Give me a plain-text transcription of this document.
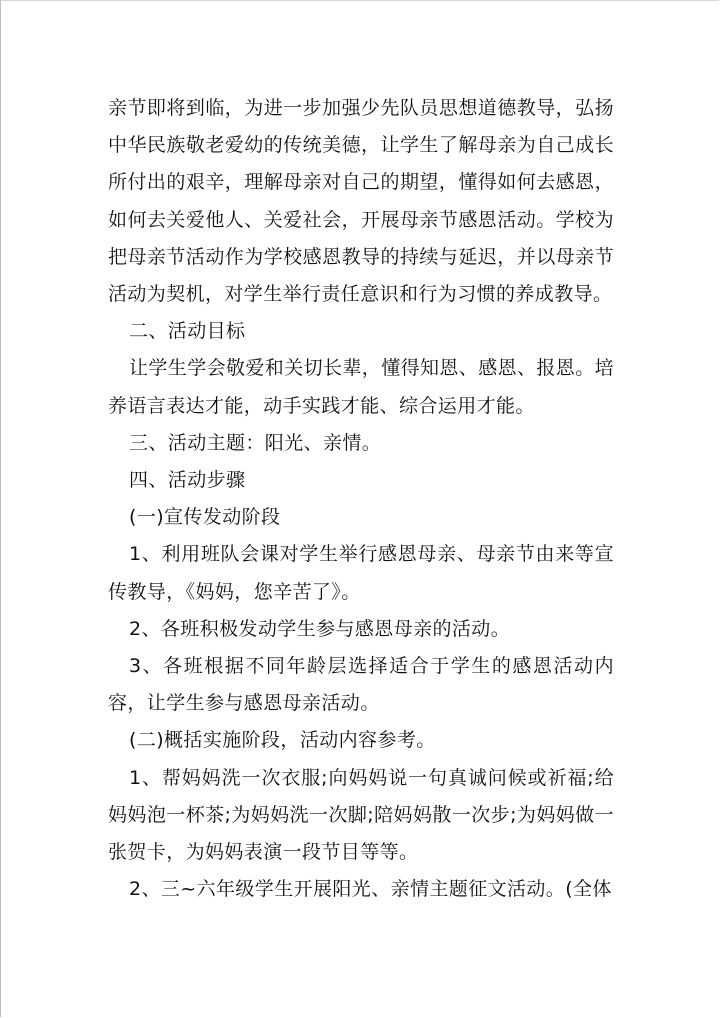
亲节即将到临，为进一步加强少先队员思想道德教导，弘扬中华民族敬老爱幼的传统美德，让学生了解母亲为自己成长所付出的艰辛，理解母亲对自己的期望，懂得如何去感恩，如何去关爱他人、关爱社会，开展母亲节感恩活动。学校为把母亲节活动作为学校感恩教导的持续与延迟，并以母亲节活动为契机，对学生举行责任意识和行为习惯的养成教导。

二、活动目标

让学生学会敬爱和关切长辈，懂得知恩、感恩、报恩。培养语言表达才能，动手实践才能、综合运用才能。

三、活动主题：阳光、亲情。

四、活动步骤

(一)宣传发动阶段

1、利用班队会课对学生举行感恩母亲、母亲节由来等宣传教导，《妈妈，您辛苦了》。

2、各班积极发动学生参与感恩母亲的活动。

3、各班根据不同年龄层选择适合于学生的感恩活动内容，让学生参与感恩母亲活动。

(二)概括实施阶段，活动内容参考。

1、帮妈妈洗一次衣服;向妈妈说一句真诚问候或祈福;给妈妈泡一杯茶;为妈妈洗一次脚;陪妈妈散一次步;为妈妈做一张贺卡，为妈妈表演一段节目等等。

2、三~六年级学生开展阳光、亲情主题征文活动。(全体
